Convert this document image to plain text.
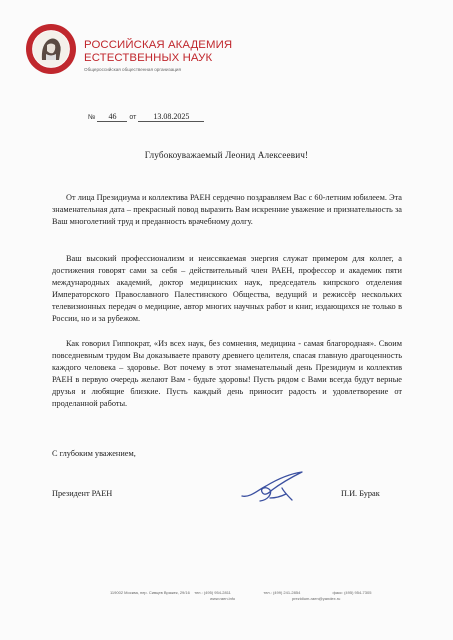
РОССИЙСКАЯ АКАДЕМИЯ
ЕСТЕСТВЕННЫХ НАУК
Общероссийская общественная организация
№ 46 от 13.08.2025
Глубокоуважаемый Леонид Алексеевич!

От лица Президиума и коллектива РАЕН сердечно поздравляем Вас с 60-летним юбилеем. Эта знаменательная дата – прекрасный повод выразить Вам искренние уважение и признательность за Ваш многолетний труд и преданность врачебному долгу.

Ваш высокий профессионализм и неиссякаемая энергия служат примером для коллег, а достижения говорят сами за себя – действительный член РАЕН, профессор и академик пяти международных академий, доктор медицинских наук, председатель кипрского отделения Императорского Православного Палестинского Общества, ведущий и режиссёр нескольких телевизионных передач о медицине, автор многих научных работ и книг, издающихся не только в России, но и за рубежом.

Как говорил Гиппократ, «Из всех наук, без сомнения, медицина - самая благородная». Своим повседневным трудом Вы доказываете правоту древнего целителя, спасая главную драгоценность каждого человека – здоровье. Вот почему в этот знаменательный день Президиум и коллектив РАЕН в первую очередь желают Вам - будьте здоровы! Пусть рядом с Вами всегда будут верные друзья и любящие близкие. Пусть каждый день приносит радость и удовлетворение от проделанной работы.

С глубоким уважением,
Президент РАЕН	П.И. Бурак
119002 Москва, пер. Сивцев Вражек, 29/16	тел.: (495) 954-2811	тел.: (499) 241-2854	факс: (495) 954-7305
www.raen.info	prezidium-raen@yandex.ru
